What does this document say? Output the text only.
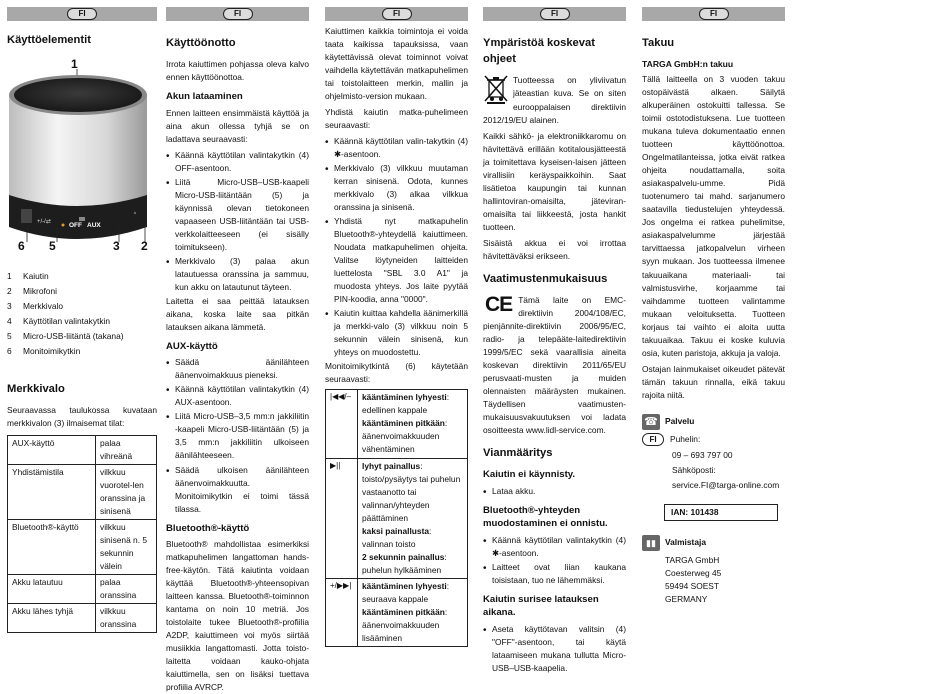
FI
Käyttöelementit
1
+/-/⇄	OFF AUX
6 5	3 2
1	Kaiutin
2	Mikrofoni
3	Merkkivalo
4	Käyttötilan valintakytkin
5	Micro-USB-liitäntä (takana)
6	Monitoimikytkin
Merkkivalo

Seuraavassa taulukossa kuvataan merkkivalon (3) ilmaisemat tilat:

AUX-käyttö	palaa vihreänä
Yhdistämistila	vilkkuu vuorotel-len oranssina ja sinisenä
Bluetooth®-käyttö	vilkkuu sinisenä n. 5 sekunnin välein
Akku latautuu	palaa oranssina
Akku lähes tyhjä	vilkkuu oranssina
FI
Käyttöönotto

Irrota kaiuttimen pohjassa oleva kalvo ennen käyttöönottoa.

Akun lataaminen

Ennen laitteen ensimmäistä käyttöä ja aina akun ollessa tyhjä se on ladattava seuraavasti:

• Käännä käyttötilan valintakytkin (4) OFF-asentoon.
• Liitä Micro-USB–USB-kaapeli Micro-USB-liitäntään (5) ja käynnissä olevan tietokoneen vapaaseen USB-liitäntään tai USB-verkkolaitteeseen (ei sisälly toimitukseen).
• Merkkivalo (3) palaa akun latautuessa oranssina ja sammuu, kun akku on latautunut täyteen.

Laitetta ei saa peittää latauksen aikana, koska laite saa pitkän latauksen aikana lämmetä.

AUX-käyttö
• Säädä äänilähteen äänenvoimakkuus pieneksi.
• Käännä käyttötilan valintakytkin (4) AUX-asentoon.
• Liitä Micro-USB–3,5 mm:n jakkiliitin -kaapeli Micro-USB-liitäntään (5) ja 3,5 mm:n jakkiliitin ulkoiseen äänilähteeseen.
• Säädä ulkoisen äänilähteen äänenvoimakkuutta. Monitoimikytkin ei toimi tässä tilassa.
Bluetooth®-käyttö

Bluetooth® mahdollistaa esimerkiksi matkapuhelimen langattoman hands-free-käytön. Tätä kaiutinta voidaan käyttää Bluetooth®-yhteensopivan laitteen kanssa. Bluetooth®-toiminnon kantama on noin 10 metriä. Jos toistolaite tukee Bluetooth®-profiilia A2DP, kaiuttimeen voi myös siirtää musiikkia langattomasti. Jotta toisto-laitetta voidaan kauko-ohjata kaiuttimella, sen on lisäksi tuettava profiilia AVRCP.

FI

Kaiuttimen kaikkia toimintoja ei voida taata kaikissa tapauksissa, vaan käytettävissä olevat toiminnot voivat vaihdella käytettävän matkapuhelimen tai toistolaitteen merkin, mallin ja ohjelmisto-version mukaan.

Yhdistä kaiutin matka-puhelimeen seuraavasti:

• Käännä käyttötilan valin-takytkin (4) ✱-asentoon.
• Merkkivalo (3) vilkkuu muutaman kerran sinisenä. Odota, kunnes merkkivalo (3) alkaa vilkkua oranssina ja sinisenä.
• Yhdistä nyt matkapuhelin Bluetooth®-yhteydellä kaiuttimeen. Noudata matkapuhelimen ohjeita. Valitse löytyneiden laitteiden luettelosta "SBL 3.0 A1" ja muodosta yhteys. Jos laite pyytää PIN-koodia, anna "0000".
• Kaiutin kuittaa kahdella äänimerkillä ja merkki-valo (3) vilkkuu noin 5 sekunnin välein sinisenä, kun yhteys on muodostettu.

Monitoimikytkintä (6) käytetään seuraavasti:

|◀◀/–	kääntäminen lyhyesti: edellinen kappale
kääntäminen pitkään: äänenvoimakkuuden vähentäminen

▶||	lyhyt painallus: toisto/pysäytys tai puhelun vastaanotto tai valinnan/yhteyden päättäminen
kaksi painallusta: valinnan toisto
2 sekunnin painallus: puhelun hylkääminen

+/▶▶|	kääntäminen lyhyesti: seuraava kappale
kääntäminen pitkään: äänenvoimakkuuden lisääminen
FI
Ympäristöä koskevat ohjeet

Tuotteessa on yliviivatun jäteastian kuva. Se on siten eurooppalaisen direktiivin 2012/19/EU alainen.

Kaikki sähkö- ja elektroniikkaromu on hävitettävä erillään kotitalousjätteestä ja toimitettava kyseisen-laisen jätteen virallisiin keräyspaikkoihin. Saat lisätietoa kaupungin tai kunnan hallintoviran-omaisilta, jäteviran-omaisilta tai liikkeestä, josta hankit tuotteen.

Sisäistä akkua ei voi irrottaa hävitettäväksi erikseen.

Vaatimustenmukaisuus
CE Tämä laite on EMC-direktiivin 2004/108/EC, pienjännite-direktiivin 2006/95/EC, radio- ja telepääte-laitedirektiivin 1999/5/EC sekä vaarallisia aineita koskevan direktiivin 2011/65/EU perusvaati-musten ja muiden olennaisten määräysten mukainen. Täydellisen vaatimusten-mukaisuusvakuutuksen voi ladata osoitteesta www.lidl-service.com.

Vianmääritys
Kaiutin ei käynnisty.
• Lataa akku.
Bluetooth®-yhteyden muodostaminen ei onnistu.
• Käännä käyttötilan valintakytkin (4) ✱-asentoon.
• Laitteet ovat liian kaukana toisistaan, tuo ne lähemmäksi.
Kaiutin surisee latauksen aikana.
• Aseta käyttötavan valitsin (4) "OFF"-asentoon, tai käytä lataamiseen mukana tullutta Micro-USB–USB-kaapelia.
FI
Takuu
TARGA GmbH:n takuu

Tällä laitteella on 3 vuoden takuu ostopäivästä alkaen. Säilytä alkuperäinen ostokuitti tallessa. Se toimii ostotodistuksena. Lue tuotteen mukana tuleva dokumentaatio ennen tuotteen käyttöönottoa. Ongelmatilanteissa, jotka eivät ratkea ohjeita noudattamalla, soita asiakaspalvelu-umme. Pidä tuotenumero tai mahd. sarjanumero saatavilla tiedustelujen yhteydessä. Jos ongelma ei ratkea puhelimitse, asiakaspalvelumme järjestää tarvittaessa jatkopalvelun virheen syyn mukaan. Jos tuotteessa ilmenee takuuaikana materiaali- tai valmistusvirhe, korjaamme tai vaihdamme tuotteen valintamme mukaan veloituksetta. Tuotteen korjaus tai vaihto ei aloita uutta takuuaikaa. Takuu ei koske kuluvia osia, kuten paristoja, akkuja ja valoja.

Ostajan lainmukaiset oikeudet pätevät tämän takuun rinnalla, eikä takuu rajoita niitä.

☎ Palvelu
FI	Puhelin:
09 – 693 797 00
Sähköposti:
service.FI@targa-online.com
IAN: 101438
▮▮	Valmistaja
TARGA GmbH
Coesterweg 45
59494 SOEST
GERMANY
